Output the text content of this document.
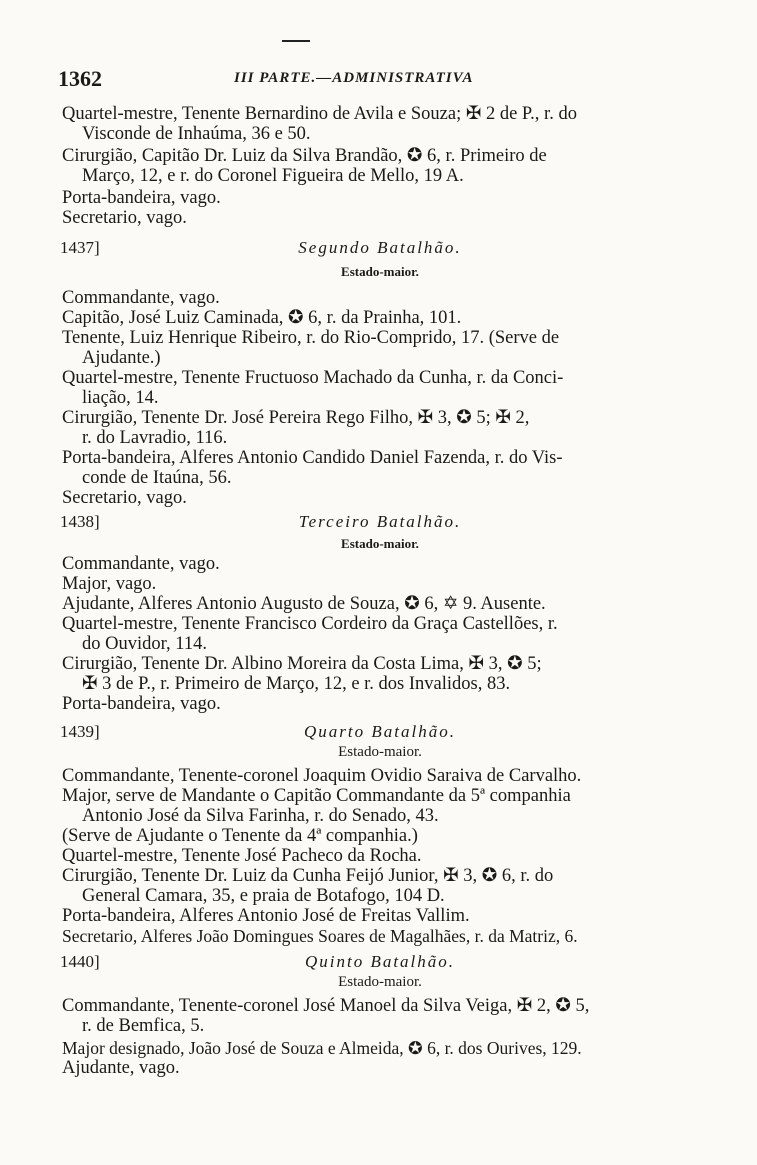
1362	III PARTE.—ADMINISTRATIVA
Quartel-mestre, Tenente Bernardino de Avila e Souza; ✠ 2 de P., r. do
Visconde de Inhaúma, 36 e 50.
Cirurgião, Capitão Dr. Luiz da Silva Brandão, ✪ 6, r. Primeiro de
Março, 12, e r. do Coronel Figueira de Mello, 19 A.
Porta-bandeira, vago.
Secretario, vago.
1437]	Segundo Batalhão.
Estado-maior.
Commandante, vago.
Capitão, José Luiz Caminada, ✪ 6, r. da Prainha, 101.
Tenente, Luiz Henrique Ribeiro, r. do Rio-Comprido, 17. (Serve de
Ajudante.)
Quartel-mestre, Tenente Fructuoso Machado da Cunha, r. da Conci-
liação, 14.
Cirurgião, Tenente Dr. José Pereira Rego Filho, ✠ 3, ✪ 5; ✠ 2,
r. do Lavradio, 116.
Porta-bandeira, Alferes Antonio Candido Daniel Fazenda, r. do Vis-
conde de Itaúna, 56.
Secretario, vago.
1438]	Terceiro Batalhão.
Estado-maior.
Commandante, vago.
Major, vago.
Ajudante, Alferes Antonio Augusto de Souza, ✪ 6, ✡ 9. Ausente.
Quartel-mestre, Tenente Francisco Cordeiro da Graça Castellões, r.
do Ouvidor, 114.
Cirurgião, Tenente Dr. Albino Moreira da Costa Lima, ✠ 3, ✪ 5;
✠ 3 de P., r. Primeiro de Março, 12, e r. dos Invalidos, 83.
Porta-bandeira, vago.
1439]	Quarto Batalhão.
Estado-maior.
Commandante, Tenente-coronel Joaquim Ovidio Saraiva de Carvalho.
Major, serve de Mandante o Capitão Commandante da 5ª companhia
Antonio José da Silva Farinha, r. do Senado, 43.
(Serve de Ajudante o Tenente da 4ª companhia.)
Quartel-mestre, Tenente José Pacheco da Rocha.
Cirurgião, Tenente Dr. Luiz da Cunha Feijó Junior, ✠ 3, ✪ 6, r. do
General Camara, 35, e praia de Botafogo, 104 D.
Porta-bandeira, Alferes Antonio José de Freitas Vallim.
Secretario, Alferes João Domingues Soares de Magalhães, r. da Matriz, 6.
1440]	Quinto Batalhão.
Estado-maior.
Commandante, Tenente-coronel José Manoel da Silva Veiga, ✠ 2, ✪ 5,
r. de Bemfica, 5.
Major designado, João José de Souza e Almeida, ✪ 6, r. dos Ourives, 129.
Ajudante, vago.
